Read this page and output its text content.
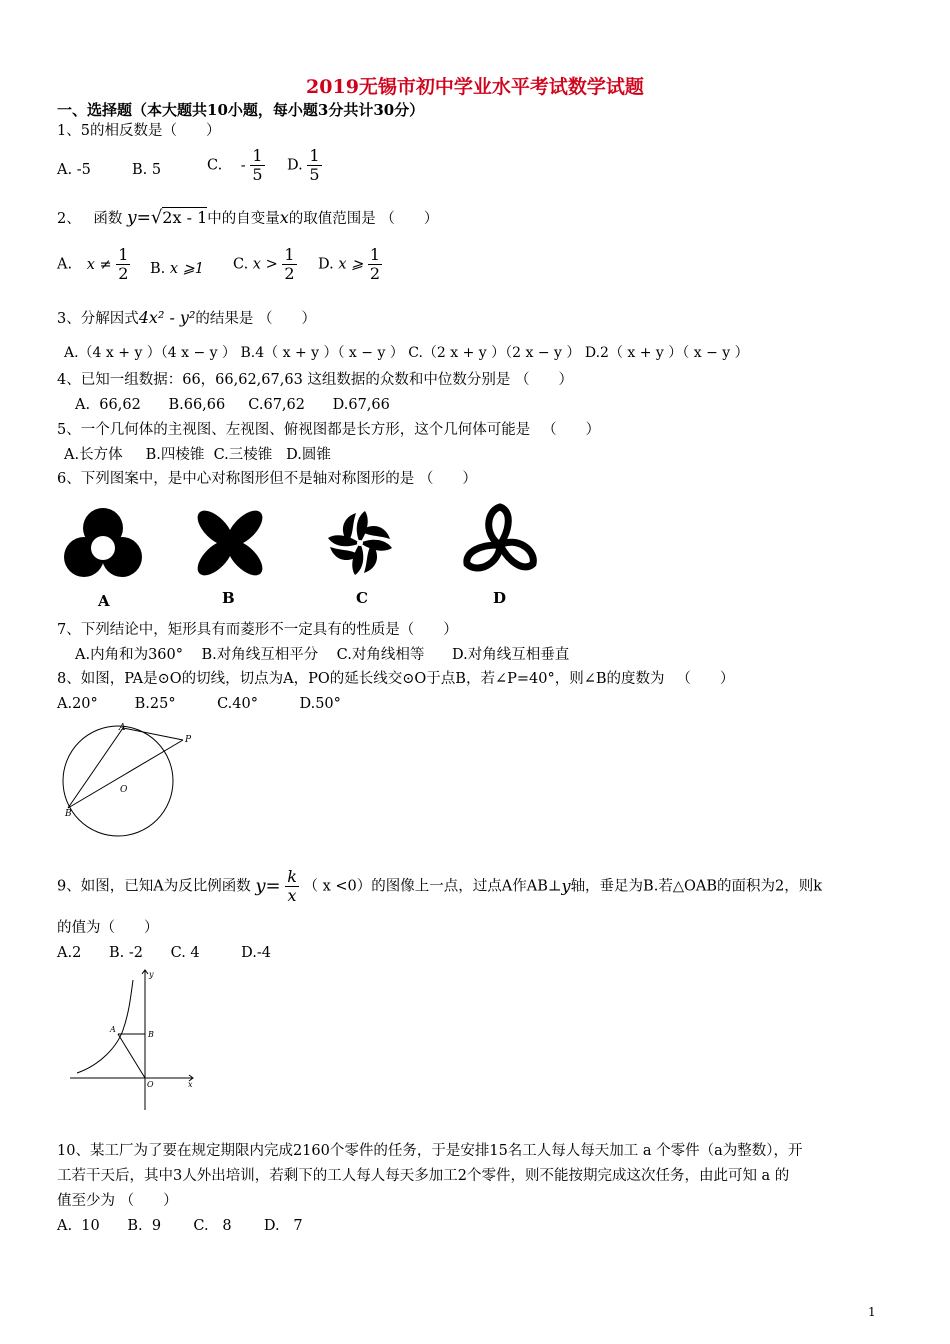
2019无锡市初中学业水平考试数学试题
一、选择题（本大题共10小题，每小题3分共计30分）
1、5的相反数是（　　）
A. -5	B. 5	C. - $\frac{1}{5} D$. $\frac{1}{5}$
2、 函数 y=√2x - 1中的自变量x的取值范围是 （　　）
A. $x \ne \frac{1}{2} B$. x ⩾1 C. $x > \frac{1}{2} D$. x ⩾ $\frac{1}{2}$
3、分解因式4x² - y²的结果是 （　　）
A.（4 x + y ）（4 x − y ） B.4（ x + y ）（ x − y ） C.（2 x + y ）（2 x − y ） D.2（ x + y ）（ x − y ）
4、已知一组数据：66，66,62,67,63 这组数据的众数和中位数分别是 （　　）
A.  66,62      B.66,66     C.67,62      D.67,66
5、一个几何体的主视图、左视图、俯视图都是长方形，这个几何体可能是 　（　　）
A.长方体     B.四棱锥  C.三棱锥   D.圆锥
6、下列图案中，是中心对称图形但不是轴对称图形的是 （　　）
A	B	C	D
7、下列结论中，矩形具有而菱形不一定具有的性质是（　　）
A.内角和为360°    B.对角线互相平分    C.对角线相等      D.对角线互相垂直
8、如图，PA是⊙O的切线，切点为A，PO的延长线交⊙O于点B，若∠P=40°，则∠B的度数为 　（　　）
A.20°        B.25°         C.40°         D.50°
A
P
O
B
9、如图，已知A为反比例函数 $y= \frac{k}{x}$ （ x <0）的图像上一点，过点A作AB⊥y轴，垂足为B.若△OAB的面积为2，则k
的值为（　　）
A.2      B. -2      C. 4         D.-4
y
A
B
O	x
10、某工厂为了要在规定期限内完成2160个零件的任务，于是安排15名工人每人每天加工 a 个零件（a为整数），开
工若干天后，其中3人外出培训，若剩下的工人每人每天多加工2个零件，则不能按期完成这次任务，由此可知 a 的
值至少为 （　　）
A.  10      B.  9       C.   8       D.   7
1
